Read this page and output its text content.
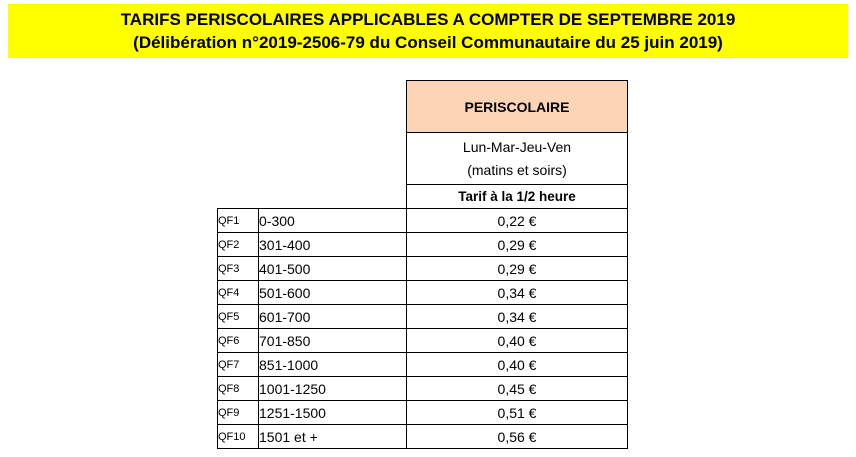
TARIFS PERISCOLAIRES APPLICABLES A COMPTER DE SEPTEMBRE 2019
(Délibération n°2019-2506-79 du Conseil Communautaire du 25 juin 2019)
		PERISCOLAIRE

		Lun-Mar-Jeu-Ven
(matins et soirs)

		Tarif à la 1/2 heure
QF1	0-300	0,22 €
QF2	301-400	0,29 €
QF3	401-500	0,29 €
QF4	501-600	0,34 €
QF5	601-700	0,34 €
QF6	701-850	0,40 €
QF7	851-1000	0,40 €
QF8	1001-1250	0,45 €
QF9	1251-1500	0,51 €
QF10	1501 et +	0,56 €
